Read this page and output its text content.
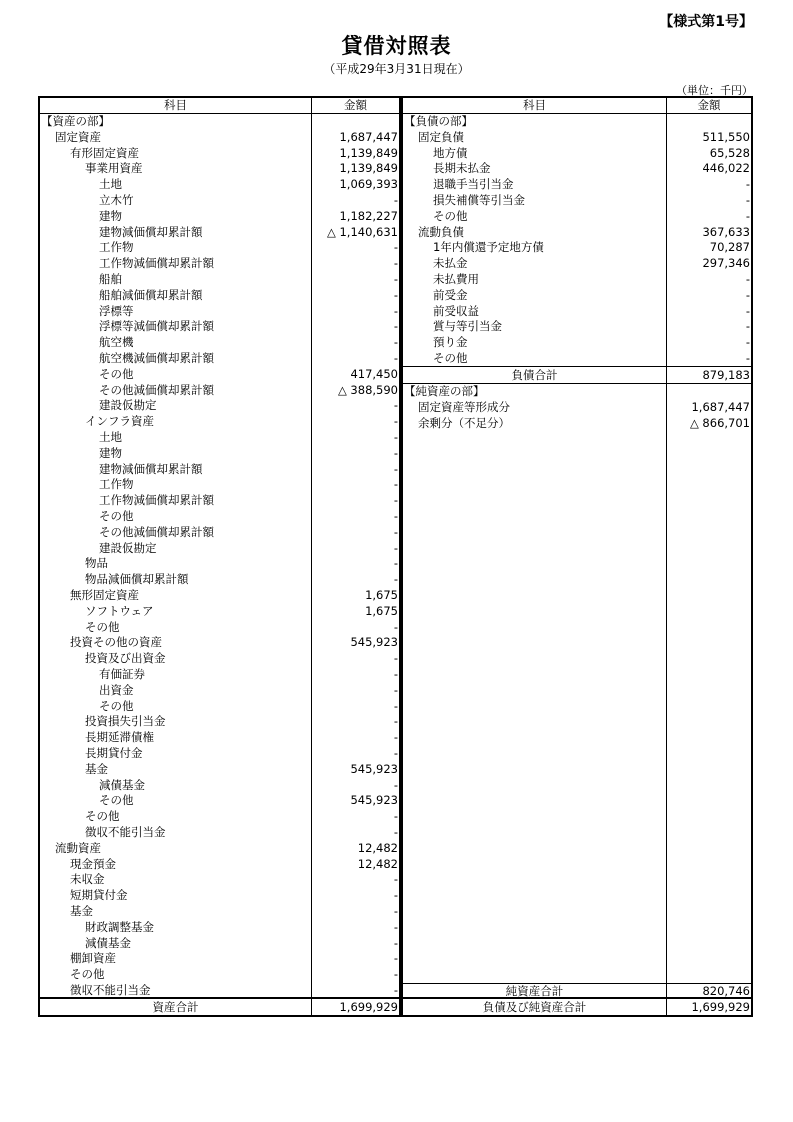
【様式第1号】
貸借対照表
（平成29年3月31日現在）
（単位：千円）
科目	金額
【資産の部】
固定資産	1,687,447
有形固定資産	1,139,849
事業用資産	1,139,849
土地	1,069,393
立木竹	-
建物	1,182,227
建物減価償却累計額	△ 1,140,631
工作物	-
工作物減価償却累計額	-
船舶	-
船舶減価償却累計額	-
浮標等	-
浮標等減価償却累計額	-
航空機	-
航空機減価償却累計額	-
その他	417,450
その他減価償却累計額	△ 388,590
建設仮勘定	-
インフラ資産	-
土地	-
建物	-
建物減価償却累計額	-
工作物	-
工作物減価償却累計額	-
その他	-
その他減価償却累計額	-
建設仮勘定	-
物品	-
物品減価償却累計額	-
無形固定資産	1,675
ソフトウェア	1,675
その他	-
投資その他の資産	545,923
投資及び出資金	-
有価証券	-
出資金	-
その他	-
投資損失引当金	-
長期延滞債権	-
長期貸付金	-
基金	545,923
減債基金	-
その他	545,923
その他	-
徴収不能引当金	-
流動資産	12,482
現金預金	12,482
未収金	-
短期貸付金	-
基金	-
財政調整基金	-
減債基金	-
棚卸資産	-
その他	-
徴収不能引当金	-
資産合計	1,699,929
科目	金額
【負債の部】
固定負債	511,550
地方債	65,528
長期未払金	446,022
退職手当引当金	-
損失補償等引当金	-
その他	-
流動負債	367,633
1年内償還予定地方債	70,287
未払金	297,346
未払費用	-
前受金	-
前受収益	-
賞与等引当金	-
預り金	-
その他	-
負債合計	879,183
【純資産の部】
固定資産等形成分	1,687,447
余剰分（不足分）	△ 866,701
純資産合計	820,746
負債及び純資産合計	1,699,929
